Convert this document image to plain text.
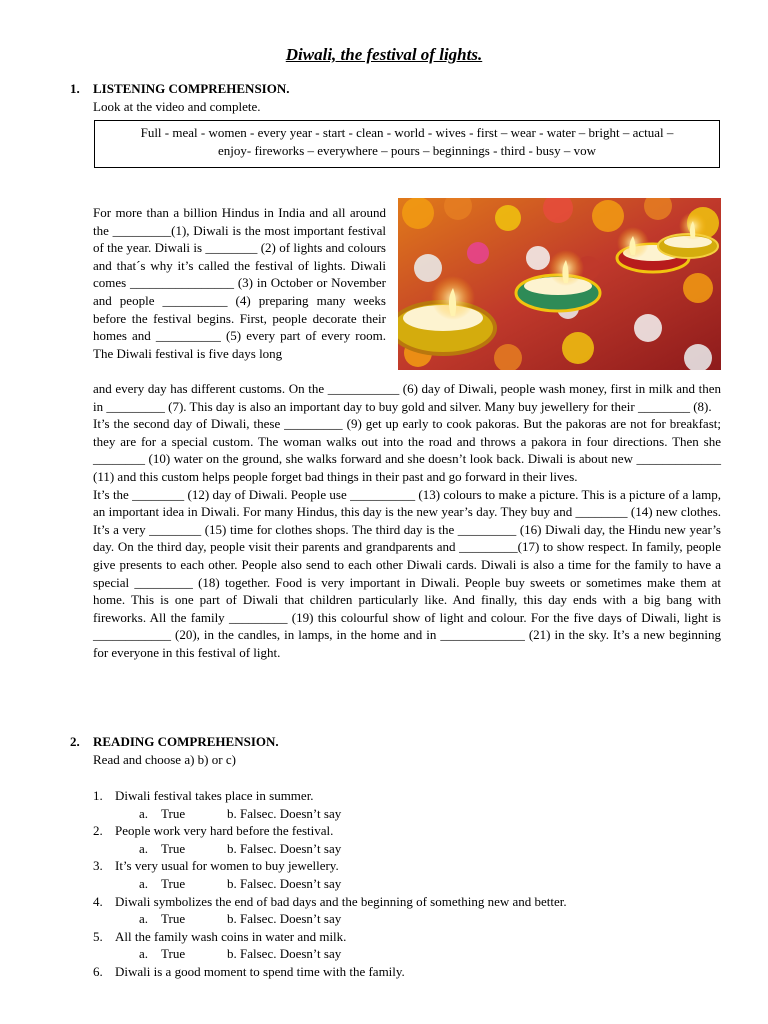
Diwali, the festival of lights.
1. LISTENING COMPREHENSION.
Look at the video and complete.
Full - meal - women - every year - start - clean - world - wives - first – wear - water – bright – actual –
enjoy- fireworks – everywhere – pours – beginnings - third - busy – vow
For more than a billion Hindus in India and all around the _________(1), Diwali is the most important festival of the year. Diwali is ________ (2) of lights and colours and that´s why it’s called the festival of lights. Diwali comes ________________ (3) in October or November and people __________ (4) preparing many weeks before the festival begins. First, people decorate their homes and __________ (5) every part of every room. The Diwali festival is five days long

and every day has different customs. On the ___________ (6) day of Diwali, people wash money, first in milk and then in _________ (7). This day is also an important day to buy gold and silver. Many buy jewellery for their ________ (8).

It’s the second day of Diwali, these _________ (9) get up early to cook pakoras. But the pakoras are not for breakfast; they are for a special custom. The woman walks out into the road and throws a pakora in four directions. Then she ________ (10) water on the ground, she walks forward and she doesn’t look back. Diwali is about new _____________ (11) and this custom helps people forget bad things in their past and go forward in their lives.

It’s the ________ (12) day of Diwali. People use __________ (13) colours to make a picture. This is a picture of a lamp, an important idea in Diwali. For many Hindus, this day is the new year’s day. They buy and ________ (14) new clothes. It’s a very ________ (15) time for clothes shops. The third day is the _________ (16) Diwali day, the Hindu new year’s day. On the third day, people visit their parents and grandparents and _________(17) to show respect. In family, people give presents to each other. People also send to each other Diwali cards. Diwali is also a time for the family to have a special _________ (18) together. Food is very important in Diwali. People buy sweets or sometimes make them at home. This is one part of Diwali that children particularly like. And finally, this day ends with a big bang with fireworks. All the family _________ (19) this colourful show of light and colour. For the five days of Diwali, light is ____________ (20), in the candles, in lamps, in the home and in _____________ (21) in the sky. It’s a new beginning for everyone in this festival of light.

2. READING COMPREHENSION.
Read and choose a) b) or c)
1. Diwali festival takes place in summer.
a. True	b. Falsec. Doesn’t say
2. People work very hard before the festival.
a. True	b. Falsec. Doesn’t say
3. It’s very usual for women to buy jewellery.
a. True	b. Falsec. Doesn’t say
4. Diwali symbolizes the end of bad days and the beginning of something new and better.
a. True	b. Falsec. Doesn’t say
5. All the family wash coins in water and milk.
a. True	b. Falsec. Doesn’t say
6. Diwali is a good moment to spend time with the family.
